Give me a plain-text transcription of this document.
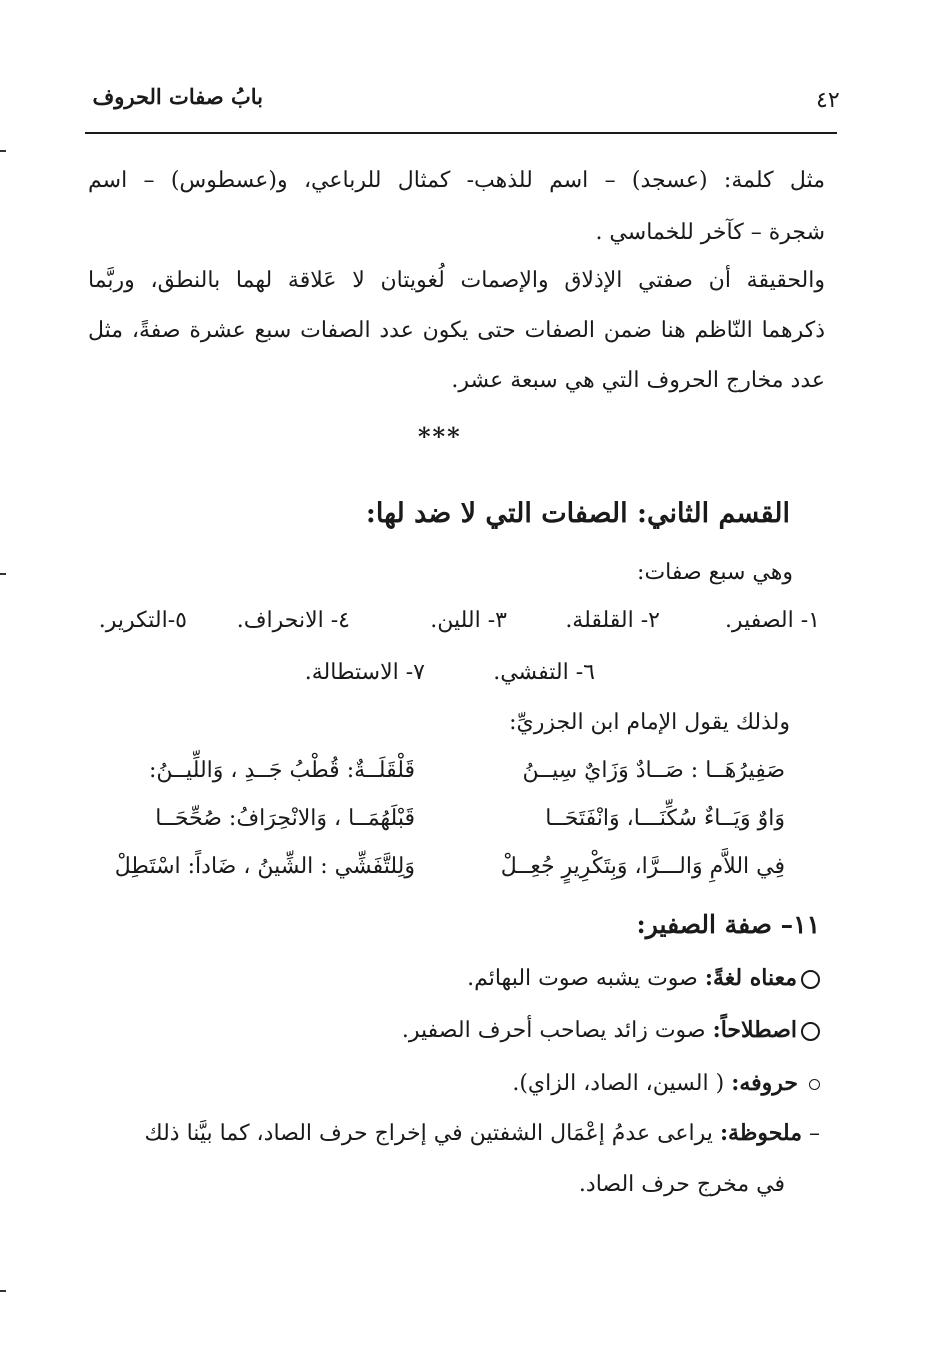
بابُ صفات الحروف	٤٢
مثل كلمة: (عسجد) – اسم للذهب- كمثال للرباعي، و(عسطوس) – اسم
شجرة – كآخر للخماسي .
والحقيقة أن صفتي الإذلاق والإصمات لُغويتان لا عَلاقة لهما بالنطق، وربَّما
ذكرهما النّاظم هنا ضمن الصفات حتى يكون عدد الصفات سبع عشرة صفةً، مثل
عدد مخارج الحروف التي هي سبعة عشر.
***
القسم الثاني: الصفات التي لا ضد لها:
وهي سبع صفات:
١- الصفير.
٢- القلقلة.
٣- اللين.
٤- الانحراف.
٥-التكرير.
٦- التفشي.
٧- الاستطالة.
ولذلك يقول الإمام ابن الجزريِّ:
صَفِيرُهَــا : صَــادٌ وَزَايٌ سِيــنُ
قَلْقَلَــةٌ: قُطْبُ جَــدِ ، وَاللِّيــنُ:
وَاوٌ وَيَــاءٌ سُكِّنَـــا، وَانْفَتَحَــا
قَبْلَهُمَــا ، وَالانْحِرَافُ: صُحِّحَــا
فِي اللاَّمِ وَالـــرَّا، وَبِتَكْرِيرٍ جُعِــلْ
وَلِلتَّفَشِّي : الشِّينُ ، ضَاداً: اسْتَطِلْ
١١– صفة الصفير:
معناه لغةً: صوت يشبه صوت البهائم.
اصطلاحاً: صوت زائد يصاحب أحرف الصفير.
حروفه: ( السين، الصاد، الزاي).
– ملحوظة: يراعى عدمُ إعْمَال الشفتين في إخراج حرف الصاد، كما بيَّنا ذلك
في مخرج حرف الصاد.
